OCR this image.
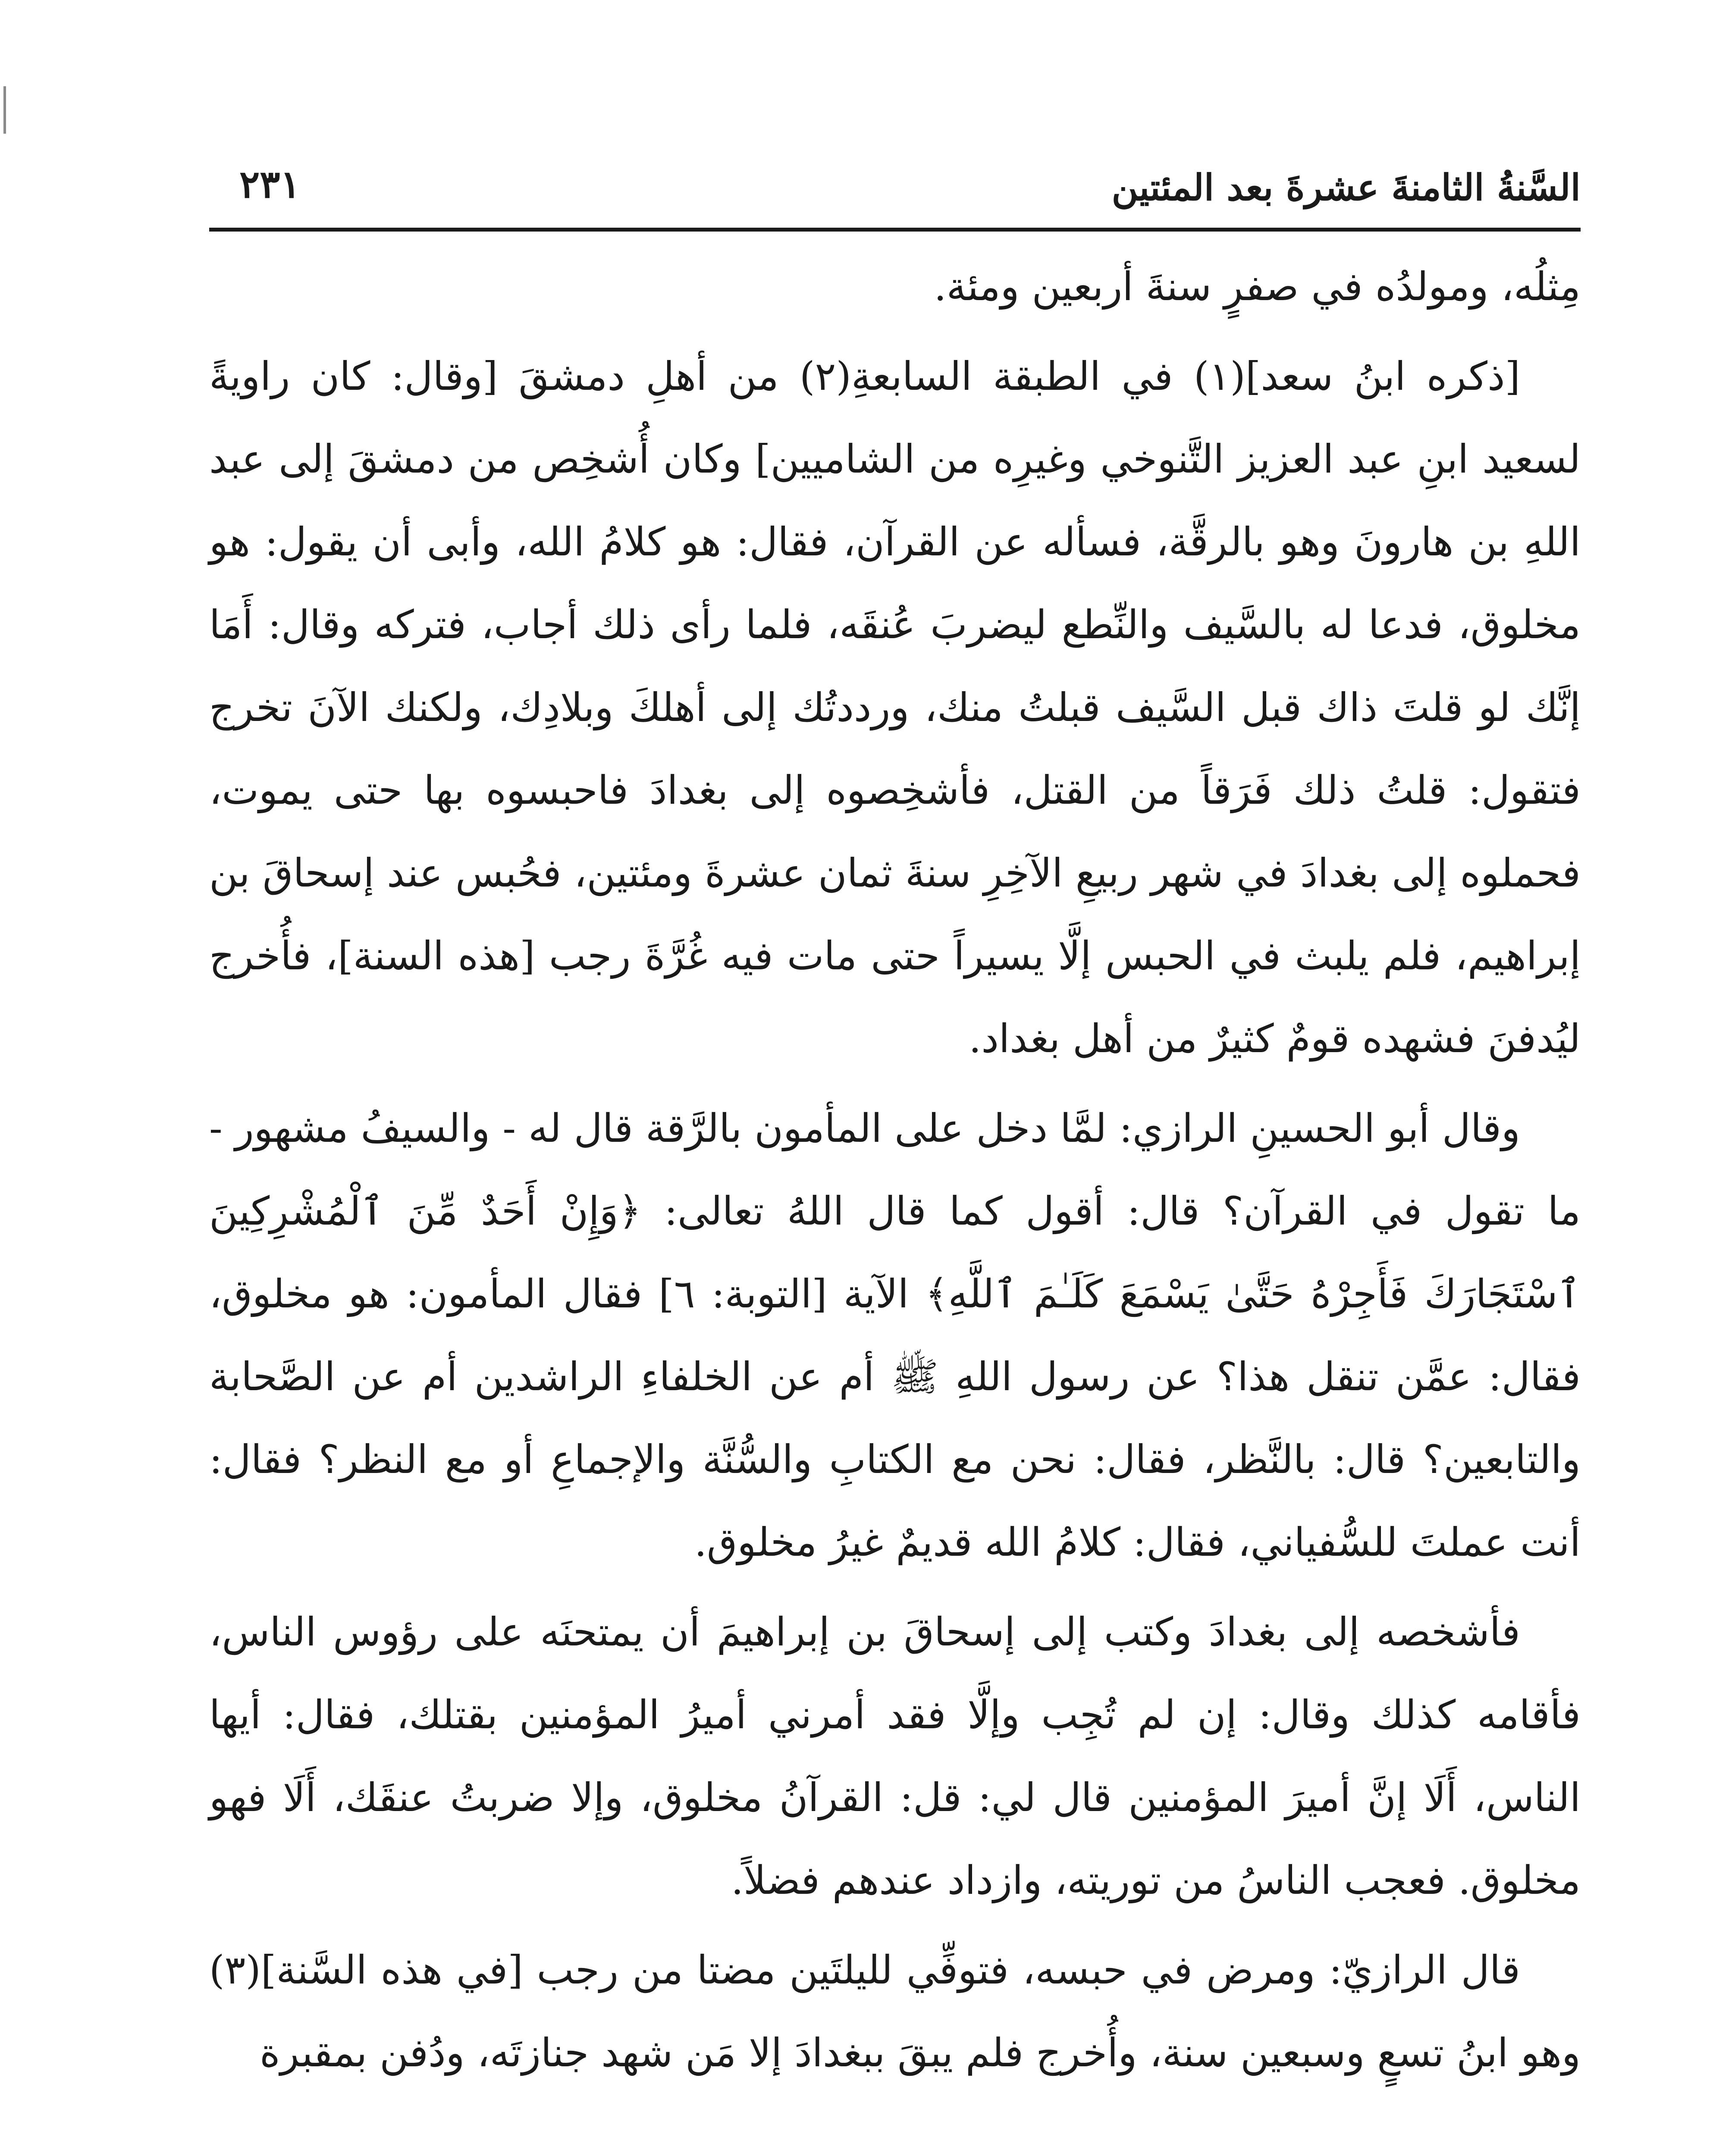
السَّنةُ الثامنةَ عشرةَ بعد المئتين
٢٣١

مِثلُه، ومولدُه في صفرٍ سنةَ أربعين ومئة.

[ذكره ابنُ سعد](١) في الطبقة السابعةِ(٢) من أهلِ دمشقَ [وقال: كان راويةً لسعيد ابنِ عبد العزيز التَّنوخي وغيرِه من الشاميين] وكان أُشخِص من دمشقَ إلى عبد اللهِ بن هارونَ وهو بالرقَّة، فسأله عن القرآن، فقال: هو كلامُ الله، وأبى أن يقول: هو مخلوق، فدعا له بالسَّيف والنِّطع ليضربَ عُنقَه، فلما رأى ذلك أجاب، فتركه وقال: أَمَا إنَّك لو قلتَ ذاك قبل السَّيف قبلتُ منك، ورددتُك إلى أهلكَ وبلادِك، ولكنك الآنَ تخرج فتقول: قلتُ ذلك فَرَقاً من القتل، فأشخِصوه إلى بغدادَ فاحبسوه بها حتى يموت، فحملوه إلى بغدادَ في شهر ربيعِ الآخِرِ سنةَ ثمان عشرةَ ومئتين، فحُبس عند إسحاقَ بن إبراهيم، فلم يلبث في الحبس إلَّا يسيراً حتى مات فيه غُرَّةَ رجب [هذه السنة]، فأُخرج ليُدفنَ فشهده قومٌ كثيرٌ من أهل بغداد.

وقال أبو الحسينِ الرازي: لمَّا دخل على المأمون بالرَّقة قال له - والسيفُ مشهور - ما تقول في القرآن؟ قال: أقول كما قال اللهُ تعالى: ﴿وَإِنْ أَحَدٌ مِّنَ ٱلْمُشْرِكِينَ ٱسْتَجَارَكَ فَأَجِرْهُ حَتَّىٰ يَسْمَعَ كَلَـٰمَ ٱللَّهِ﴾ الآية [التوبة: ٦] فقال المأمون: هو مخلوق، فقال: عمَّن تنقل هذا؟ عن رسول اللهِ ﷺ أم عن الخلفاءِ الراشدين أم عن الصَّحابة والتابعين؟ قال: بالنَّظر، فقال: نحن مع الكتابِ والسُّنَّة والإجماعِ أو مع النظر؟ فقال: أنت عملتَ للسُّفياني، فقال: كلامُ الله قديمٌ غيرُ مخلوق.

فأشخصه إلى بغدادَ وكتب إلى إسحاقَ بن إبراهيمَ أن يمتحنَه على رؤوس الناس، فأقامه كذلك وقال: إن لم تُجِب وإلَّا فقد أمرني أميرُ المؤمنين بقتلك، فقال: أيها الناس، أَلَا إنَّ أميرَ المؤمنين قال لي: قل: القرآنُ مخلوق، وإلا ضربتُ عنقَك، أَلَا فهو مخلوق. فعجب الناسُ من توريته، وازداد عندهم فضلاً.

قال الرازيّ: ومرض في حبسه، فتوفِّي لليلتَين مضتا من رجب [في هذه السَّنة](٣) وهو ابنُ تسعٍ وسبعين سنة، وأُخرج فلم يبقَ ببغدادَ إلا مَن شهد جنازتَه، ودُفن بمقبرة
